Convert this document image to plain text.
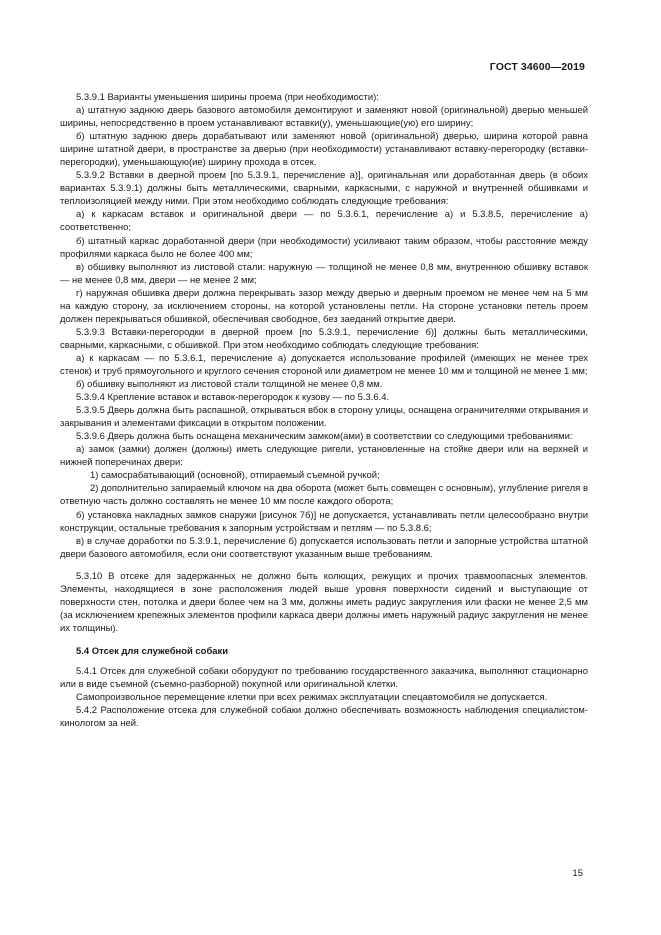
ГОСТ 34600—2019

5.3.9.1 Варианты уменьшения ширины проема (при необходимости):

а) штатную заднюю дверь базового автомобиля демонтируют и заменяют новой (оригинальной) дверью меньшей ширины, непосредственно в проем устанавливают вставки(у), уменьшающие(ую) его ширину;

б) штатную заднюю дверь дорабатывают или заменяют новой (оригинальной) дверью, ширина которой равна ширине штатной двери, в пространстве за дверью (при необходимости) устанавливают вставку-перегородку (вставки-перегородки), уменьшающую(ие) ширину прохода в отсек.

5.3.9.2 Вставки в дверной проем [по 5.3.9.1, перечисление а)], оригинальная или доработанная дверь (в обоих вариантах 5.3.9.1) должны быть металлическими, сварными, каркасными, с наружной и внутренней обшивками и теплоизоляцией между ними. При этом необходимо соблюдать следующие требования:

а) к каркасам вставок и оригинальной двери — по 5.3.6.1, перечисление а) и 5.3.8.5, перечисление а) соответственно;

б) штатный каркас доработанной двери (при необходимости) усиливают таким образом, чтобы расстояние между профилями каркаса было не более 400 мм;

в) обшивку выполняют из листовой стали: наружную — толщиной не менее 0,8 мм, внутреннюю обшивку вставок — не менее 0,8 мм, двери — не менее 2 мм;

г) наружная обшивка двери должна перекрывать зазор между дверью и дверным проемом не менее чем на 5 мм на каждую сторону, за исключением стороны, на которой установлены петли. На стороне установки петель проем должен перекрываться обшивкой, обеспечивая свободное, без заеданий открытие двери.

5.3.9.3 Вставки-перегородки в дверной проем [по 5.3.9.1, перечисление б)] должны быть металлическими, сварными, каркасными, с обшивкой. При этом необходимо соблюдать следующие требования:

а) к каркасам — по 5.3.6.1, перечисление а) допускается использование профилей (имеющих не менее трех стенок) и труб прямоугольного и круглого сечения стороной или диаметром не менее 10 мм и толщиной не менее 1 мм;

б) обшивку выполняют из листовой стали толщиной не менее 0,8 мм.

5.3.9.4 Крепление вставок и вставок-перегородок к кузову — по 5.3.6.4.

5.3.9.5 Дверь должна быть распашной, открываться вбок в сторону улицы, оснащена ограничителями открывания и закрывания и элементами фиксации в открытом положении.

5.3.9.6 Дверь должна быть оснащена механическим замком(ами) в соответствии со следующими требованиями:

а) замок (замки) должен (должны) иметь следующие ригели, установленные на стойке двери или на верхней и нижней поперечинах двери:

1) самосрабатывающий (основной), отпираемый съемной ручкой;

2) дополнительно запираемый ключом на два оборота (может быть совмещен с основным), углубление ригеля в ответную часть должно составлять не менее 10 мм после каждого оборота;

б) установка накладных замков снаружи [рисунок 7б)] не допускается, устанавливать петли целесообразно внутри конструкции, остальные требования к запорным устройствам и петлям — по 5.3.8.6;

в) в случае доработки по 5.3.9.1, перечисление б) допускается использовать петли и запорные устройства штатной двери базового автомобиля, если они соответствуют указанным выше требованиям.

5.3.10 В отсеке для задержанных не должно быть колющих, режущих и прочих травмоопасных элементов. Элементы, находящиеся в зоне расположения людей выше уровня поверхности сидений и выступающие от поверхности стен, потолка и двери более чем на 3 мм, должны иметь радиус закругления или фаски не менее 2,5 мм (за исключением крепежных элементов профили каркаса двери должны иметь наружный радиус закругления не менее их толщины).

5.4 Отсек для служебной собаки

5.4.1 Отсек для служебной собаки оборудуют по требованию государственного заказчика, выполняют стационарно или в виде съемной (съемно-разборной) покупной или оригинальной клетки.

Самопроизвольное перемещение клетки при всех режимах эксплуатации спецавтомобиля не допускается.

5.4.2 Расположение отсека для служебной собаки должно обеспечивать возможность наблюдения специалистом-кинологом за ней.

15
